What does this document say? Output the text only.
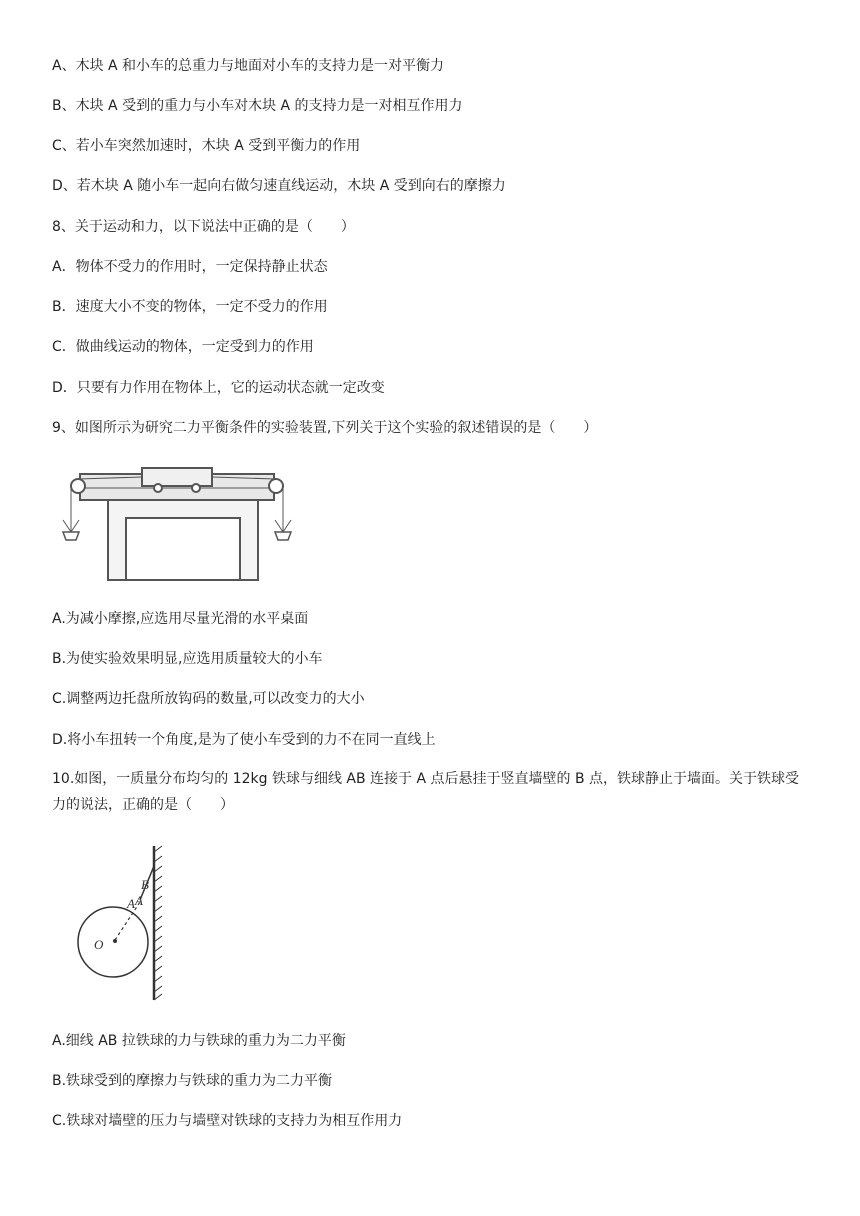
A、木块 A 和小车的总重力与地面对小车的支持力是一对平衡力
B、木块 A 受到的重力与小车对木块 A 的支持力是一对相互作用力
C、若小车突然加速时，木块 A 受到平衡力的作用
D、若木块 A 随小车一起向右做匀速直线运动，木块 A 受到向右的摩擦力
8、关于运动和力，以下说法中正确的是（　　）
A．物体不受力的作用时，一定保持静止状态
B．速度大小不变的物体，一定不受力的作用
C．做曲线运动的物体，一定受到力的作用
D．只要有力作用在物体上，它的运动状态就一定改变
9、如图所示为研究二力平衡条件的实验装置,下列关于这个实验的叙述错误的是（　　）
A.为减小摩擦,应选用尽量光滑的水平桌面
B.为使实验效果明显,应选用质量较大的小车
C.调整两边托盘所放钩码的数量,可以改变力的大小
D.将小车扭转一个角度,是为了使小车受到的力不在同一直线上
10.如图，一质量分布均匀的 12kg 铁球与细线 AB 连接于 A 点后悬挂于竖直墙壁的 B 点，铁球静止于墙面。关于铁球受力的说法，正确的是（　　）
B
A A
O
A.细线 AB 拉铁球的力与铁球的重力为二力平衡
B.铁球受到的摩擦力与铁球的重力为二力平衡
C.铁球对墙壁的压力与墙壁对铁球的支持力为相互作用力
